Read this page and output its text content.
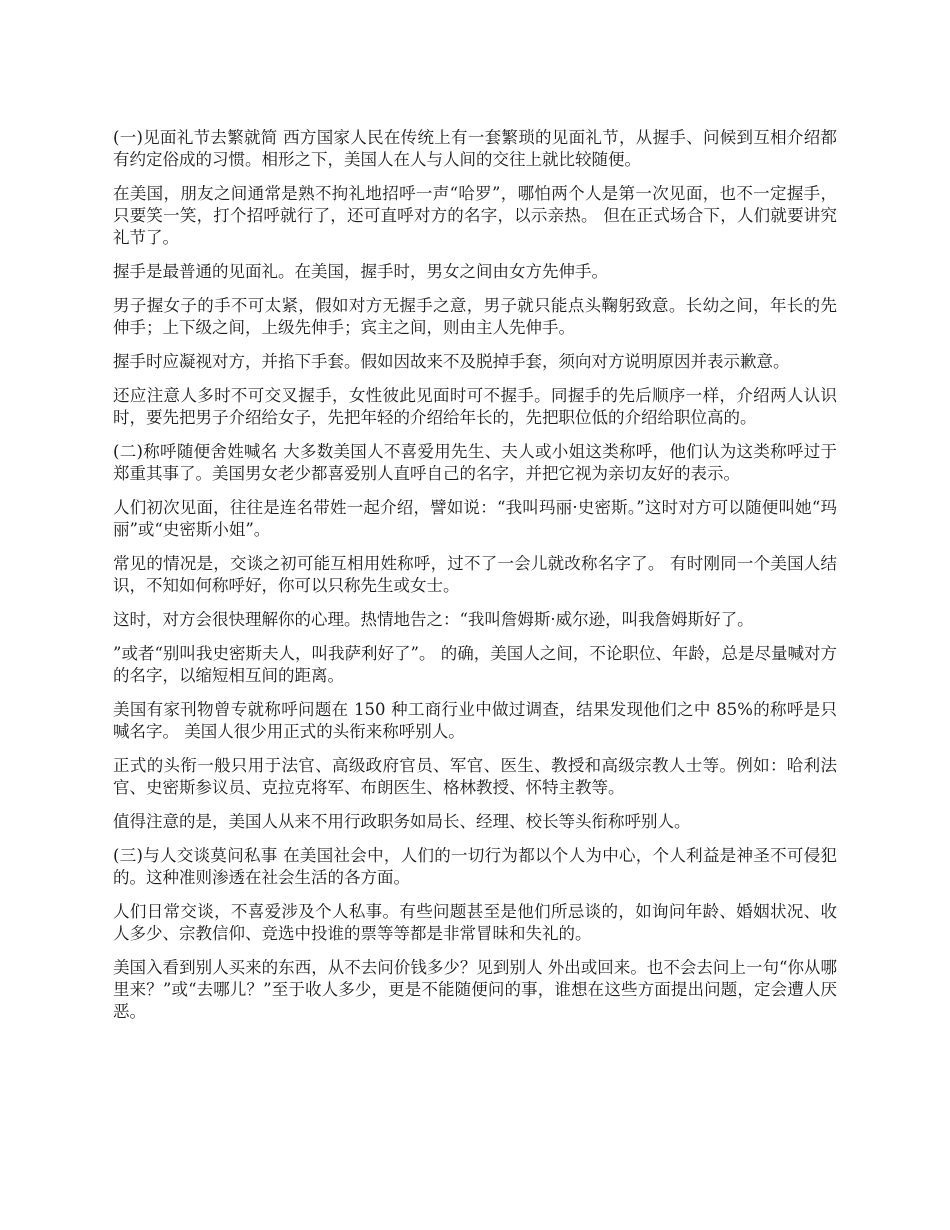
(一)见面礼节去繁就简 西方国家人民在传统上有一套繁琐的见面礼节，从握手、问候到互相介绍都有约定俗成的习惯。相形之下，美国人在人与人间的交往上就比较随便。

在美国，朋友之间通常是熟不拘礼地招呼一声“哈罗”，哪怕两个人是第一次见面，也不一定握手，只要笑一笑，打个招呼就行了，还可直呼对方的名字，以示亲热。 但在正式场合下，人们就要讲究礼节了。

握手是最普通的见面礼。在美国，握手时，男女之间由女方先伸手。

男子握女子的手不可太紧，假如对方无握手之意，男子就只能点头鞠躬致意。长幼之间，年长的先伸手；上下级之间，上级先伸手；宾主之间，则由主人先伸手。

握手时应凝视对方，并掐下手套。假如因故来不及脱掉手套，须向对方说明原因并表示歉意。

还应注意人多时不可交叉握手，女性彼此见面时可不握手。同握手的先后顺序一样，介绍两人认识时，要先把男子介绍给女子，先把年轻的介绍给年长的，先把职位低的介绍给职位高的。

(二)称呼随便舍姓喊名 大多数美国人不喜爱用先生、夫人或小姐这类称呼，他们认为这类称呼过于郑重其事了。美国男女老少都喜爱别人直呼自己的名字，并把它视为亲切友好的表示。

人们初次见面，往往是连名带姓一起介绍，譬如说：“我叫玛丽·史密斯。”这时对方可以随便叫她“玛丽”或“史密斯小姐”。

常见的情况是，交谈之初可能互相用姓称呼，过不了一会儿就改称名字了。 有时刚同一个美国人结识，不知如何称呼好，你可以只称先生或女士。

这时，对方会很快理解你的心理。热情地告之：“我叫詹姆斯·威尔逊，叫我詹姆斯好了。

”或者“别叫我史密斯夫人，叫我萨利好了”。 的确，美国人之间，不论职位、年龄，总是尽量喊对方的名字，以缩短相互间的距离。

美国有家刊物曾专就称呼问题在 150 种工商行业中做过调查，结果发现他们之中 85%的称呼是只喊名字。 美国人很少用正式的头衔来称呼别人。

正式的头衔一般只用于法官、高级政府官员、军官、医生、教授和高级宗教人士等。例如：哈利法官、史密斯参议员、克拉克将军、布朗医生、格林教授、怀特主教等。

值得注意的是，美国人从来不用行政职务如局长、经理、校长等头衔称呼别人。

(三)与人交谈莫问私事 在美国社会中，人们的一切行为都以个人为中心，个人利益是神圣不可侵犯的。这种准则渗透在社会生活的各方面。

人们日常交谈，不喜爱涉及个人私事。有些问题甚至是他们所忌谈的，如询问年龄、婚姻状况、收人多少、宗教信仰、竞选中投谁的票等等都是非常冒昧和失礼的。

美国入看到别人买来的东西，从不去问价钱多少？见到别人 外出或回来。也不会去问上一句“你从哪里来？”或“去哪儿？”至于收人多少，更是不能随便问的事，谁想在这些方面提出问题，定会遭人厌恶。
